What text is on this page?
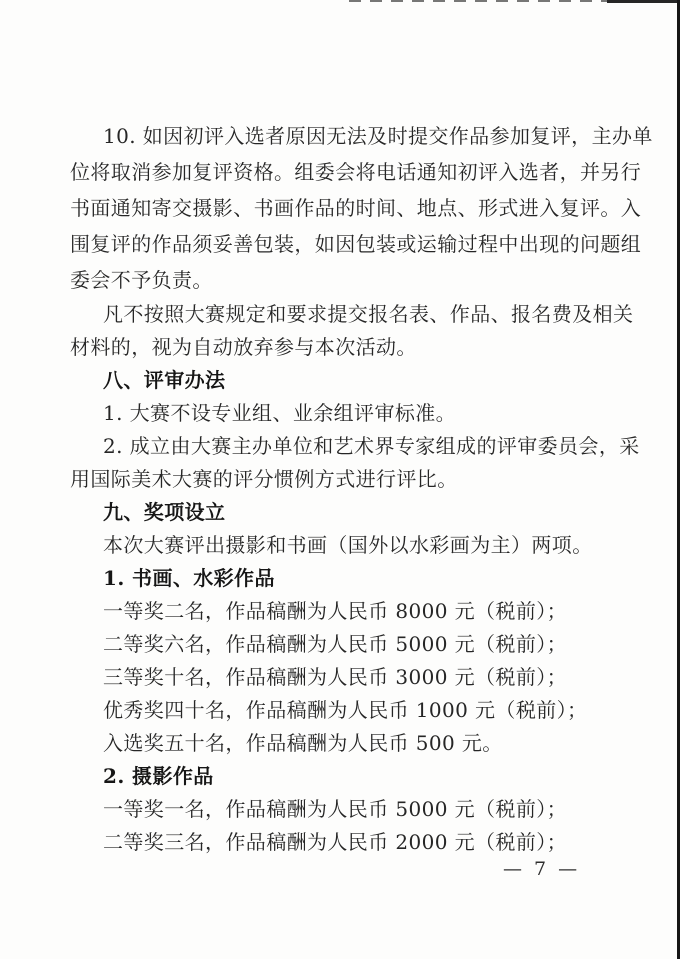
10. 如因初评入选者原因无法及时提交作品参加复评，主办单
位将取消参加复评资格。组委会将电话通知初评入选者，并另行
书面通知寄交摄影、书画作品的时间、地点、形式进入复评。入
围复评的作品须妥善包装，如因包装或运输过程中出现的问题组
委会不予负责。
凡不按照大赛规定和要求提交报名表、作品、报名费及相关
材料的，视为自动放弃参与本次活动。
八、评审办法
1. 大赛不设专业组、业余组评审标准。
2. 成立由大赛主办单位和艺术界专家组成的评审委员会，采
用国际美术大赛的评分惯例方式进行评比。
九、奖项设立
本次大赛评出摄影和书画（国外以水彩画为主）两项。
1. 书画、水彩作品
一等奖二名，作品稿酬为人民币 8000 元（税前）；
二等奖六名，作品稿酬为人民币 5000 元（税前）；
三等奖十名，作品稿酬为人民币 3000 元（税前）；
优秀奖四十名，作品稿酬为人民币 1000 元（税前）；
入选奖五十名，作品稿酬为人民币 500 元。
2. 摄影作品
一等奖一名，作品稿酬为人民币 5000 元（税前）；
二等奖三名，作品稿酬为人民币 2000 元（税前）；
— 7 —
